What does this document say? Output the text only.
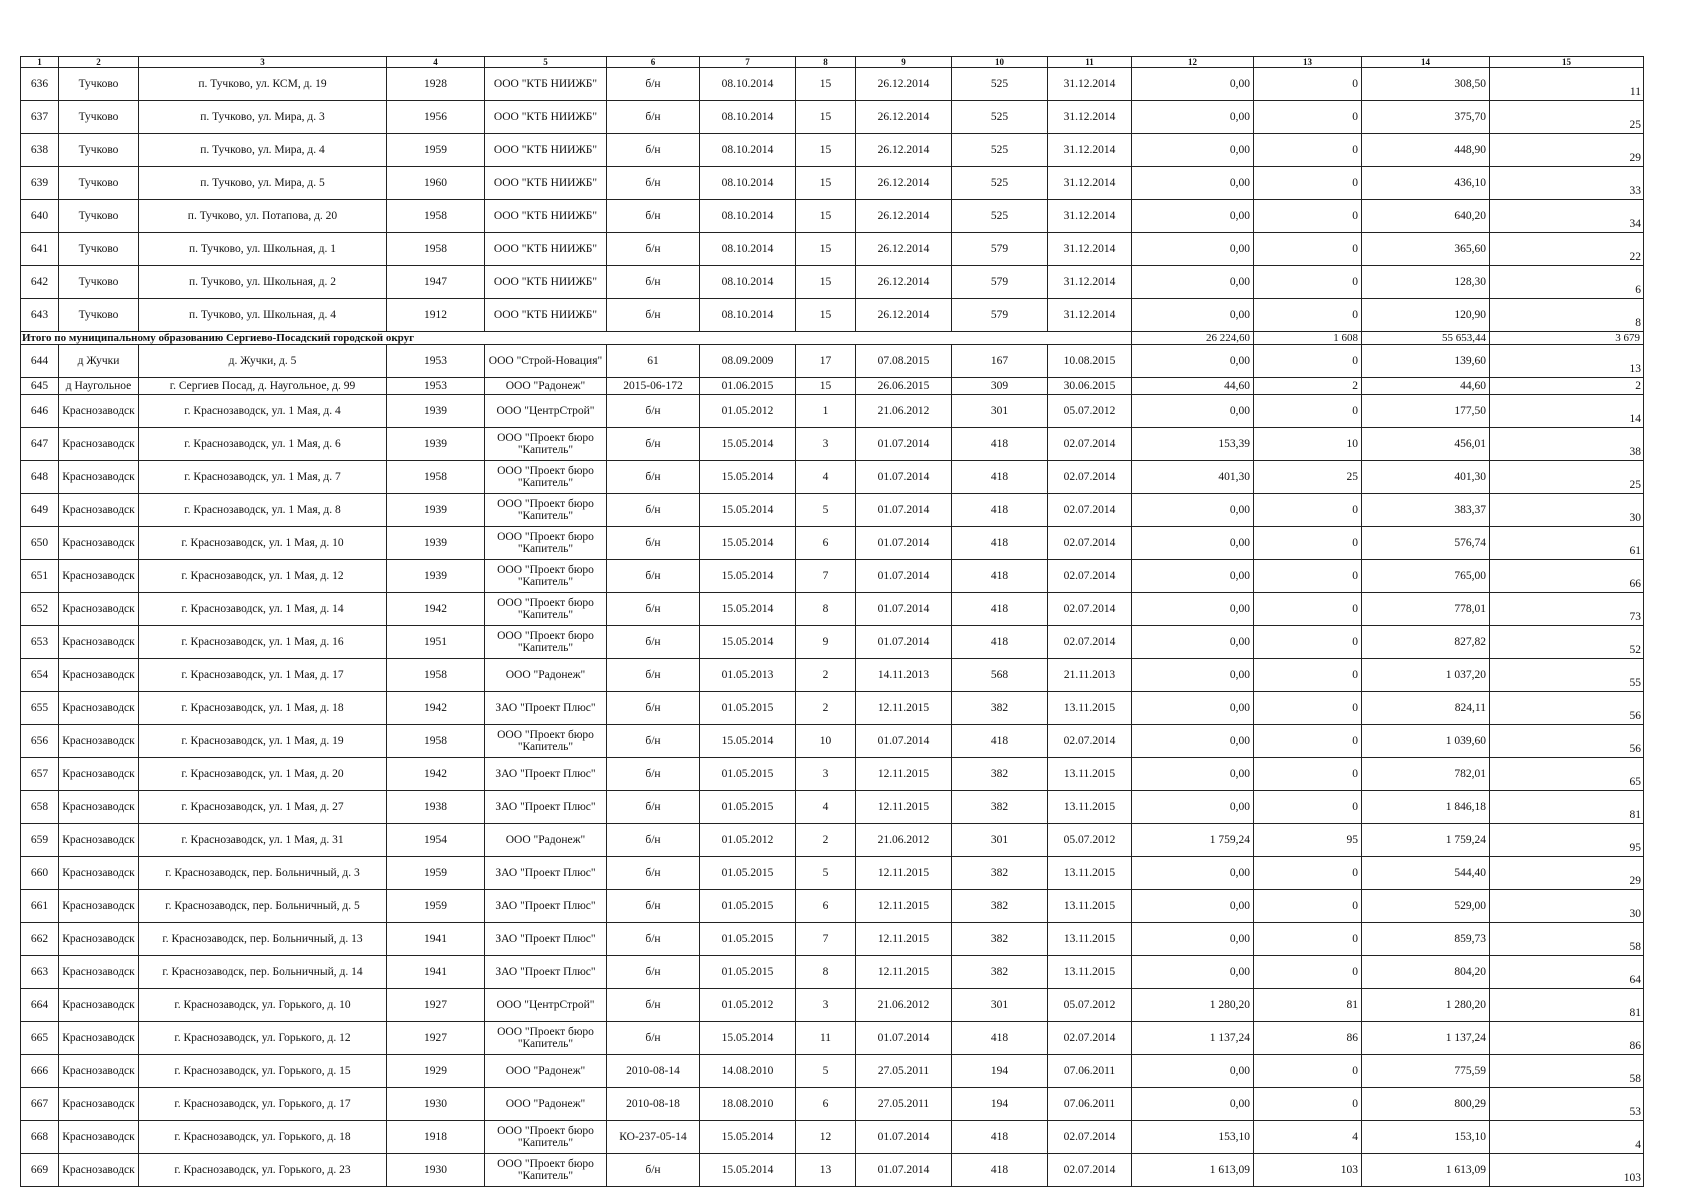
1	2	3	4	5	6	7	8	9	10	11	12	13	14	15
636	Тучково	п. Тучково, ул. КСМ, д. 19	1928	ООО "КТБ НИИЖБ"	б/н	08.10.2014	15	26.12.2014	525	31.12.2014	0,00	0	308,50	11
637	Тучково	п. Тучково, ул. Мира, д. 3	1956	ООО "КТБ НИИЖБ"	б/н	08.10.2014	15	26.12.2014	525	31.12.2014	0,00	0	375,70	25
638	Тучково	п. Тучково, ул. Мира, д. 4	1959	ООО "КТБ НИИЖБ"	б/н	08.10.2014	15	26.12.2014	525	31.12.2014	0,00	0	448,90	29
639	Тучково	п. Тучково, ул. Мира, д. 5	1960	ООО "КТБ НИИЖБ"	б/н	08.10.2014	15	26.12.2014	525	31.12.2014	0,00	0	436,10	33
640	Тучково	п. Тучково, ул. Потапова, д. 20	1958	ООО "КТБ НИИЖБ"	б/н	08.10.2014	15	26.12.2014	525	31.12.2014	0,00	0	640,20	34
641	Тучково	п. Тучково, ул. Школьная, д. 1	1958	ООО "КТБ НИИЖБ"	б/н	08.10.2014	15	26.12.2014	579	31.12.2014	0,00	0	365,60	22
642	Тучково	п. Тучково, ул. Школьная, д. 2	1947	ООО "КТБ НИИЖБ"	б/н	08.10.2014	15	26.12.2014	579	31.12.2014	0,00	0	128,30	6
643	Тучково	п. Тучково, ул. Школьная, д. 4	1912	ООО "КТБ НИИЖБ"	б/н	08.10.2014	15	26.12.2014	579	31.12.2014	0,00	0	120,90	8
Итого по муниципальному образованию Сергиево-Посадский городской округ											26 224,60	1 608	55 653,44	3 679
644	д Жучки	д. Жучки, д. 5	1953	ООО "Строй-Новация"	61	08.09.2009	17	07.08.2015	167	10.08.2015	0,00	0	139,60	13
645	д Наугольное	г. Сергиев Посад, д. Наугольное, д. 99	1953	ООО "Радонеж"	2015-06-172	01.06.2015	15	26.06.2015	309	30.06.2015	44,60	2	44,60	2
646	Краснозаводск	г. Краснозаводск, ул. 1 Мая, д. 4	1939	ООО "ЦентрСтрой"	б/н	01.05.2012	1	21.06.2012	301	05.07.2012	0,00	0	177,50	14
647	Краснозаводск	г. Краснозаводск, ул. 1 Мая, д. 6	1939	ООО "Проект бюро "Капитель"	б/н	15.05.2014	3	01.07.2014	418	02.07.2014	153,39	10	456,01	38
648	Краснозаводск	г. Краснозаводск, ул. 1 Мая, д. 7	1958	ООО "Проект бюро "Капитель"	б/н	15.05.2014	4	01.07.2014	418	02.07.2014	401,30	25	401,30	25
649	Краснозаводск	г. Краснозаводск, ул. 1 Мая, д. 8	1939	ООО "Проект бюро "Капитель"	б/н	15.05.2014	5	01.07.2014	418	02.07.2014	0,00	0	383,37	30
650	Краснозаводск	г. Краснозаводск, ул. 1 Мая, д. 10	1939	ООО "Проект бюро "Капитель"	б/н	15.05.2014	6	01.07.2014	418	02.07.2014	0,00	0	576,74	61
651	Краснозаводск	г. Краснозаводск, ул. 1 Мая, д. 12	1939	ООО "Проект бюро "Капитель"	б/н	15.05.2014	7	01.07.2014	418	02.07.2014	0,00	0	765,00	66
652	Краснозаводск	г. Краснозаводск, ул. 1 Мая, д. 14	1942	ООО "Проект бюро "Капитель"	б/н	15.05.2014	8	01.07.2014	418	02.07.2014	0,00	0	778,01	73
653	Краснозаводск	г. Краснозаводск, ул. 1 Мая, д. 16	1951	ООО "Проект бюро "Капитель"	б/н	15.05.2014	9	01.07.2014	418	02.07.2014	0,00	0	827,82	52
654	Краснозаводск	г. Краснозаводск, ул. 1 Мая, д. 17	1958	ООО "Радонеж"	б/н	01.05.2013	2	14.11.2013	568	21.11.2013	0,00	0	1 037,20	55
655	Краснозаводск	г. Краснозаводск, ул. 1 Мая, д. 18	1942	ЗАО "Проект Плюс"	б/н	01.05.2015	2	12.11.2015	382	13.11.2015	0,00	0	824,11	56
656	Краснозаводск	г. Краснозаводск, ул. 1 Мая, д. 19	1958	ООО "Проект бюро "Капитель"	б/н	15.05.2014	10	01.07.2014	418	02.07.2014	0,00	0	1 039,60	56
657	Краснозаводск	г. Краснозаводск, ул. 1 Мая, д. 20	1942	ЗАО "Проект Плюс"	б/н	01.05.2015	3	12.11.2015	382	13.11.2015	0,00	0	782,01	65
658	Краснозаводск	г. Краснозаводск, ул. 1 Мая, д. 27	1938	ЗАО "Проект Плюс"	б/н	01.05.2015	4	12.11.2015	382	13.11.2015	0,00	0	1 846,18	81
659	Краснозаводск	г. Краснозаводск, ул. 1 Мая, д. 31	1954	ООО "Радонеж"	б/н	01.05.2012	2	21.06.2012	301	05.07.2012	1 759,24	95	1 759,24	95
660	Краснозаводск	г. Краснозаводск, пер. Больничный, д. 3	1959	ЗАО "Проект Плюс"	б/н	01.05.2015	5	12.11.2015	382	13.11.2015	0,00	0	544,40	29
661	Краснозаводск	г. Краснозаводск, пер. Больничный, д. 5	1959	ЗАО "Проект Плюс"	б/н	01.05.2015	6	12.11.2015	382	13.11.2015	0,00	0	529,00	30
662	Краснозаводск	г. Краснозаводск, пер. Больничный, д. 13	1941	ЗАО "Проект Плюс"	б/н	01.05.2015	7	12.11.2015	382	13.11.2015	0,00	0	859,73	58
663	Краснозаводск	г. Краснозаводск, пер. Больничный, д. 14	1941	ЗАО "Проект Плюс"	б/н	01.05.2015	8	12.11.2015	382	13.11.2015	0,00	0	804,20	64
664	Краснозаводск	г. Краснозаводск, ул. Горького, д. 10	1927	ООО "ЦентрСтрой"	б/н	01.05.2012	3	21.06.2012	301	05.07.2012	1 280,20	81	1 280,20	81
665	Краснозаводск	г. Краснозаводск, ул. Горького, д. 12	1927	ООО "Проект бюро "Капитель"	б/н	15.05.2014	11	01.07.2014	418	02.07.2014	1 137,24	86	1 137,24	86
666	Краснозаводск	г. Краснозаводск, ул. Горького, д. 15	1929	ООО "Радонеж"	2010-08-14	14.08.2010	5	27.05.2011	194	07.06.2011	0,00	0	775,59	58
667	Краснозаводск	г. Краснозаводск, ул. Горького, д. 17	1930	ООО "Радонеж"	2010-08-18	18.08.2010	6	27.05.2011	194	07.06.2011	0,00	0	800,29	53
668	Краснозаводск	г. Краснозаводск, ул. Горького, д. 18	1918	ООО "Проект бюро "Капитель"	КО-237-05-14	15.05.2014	12	01.07.2014	418	02.07.2014	153,10	4	153,10	4
669	Краснозаводск	г. Краснозаводск, ул. Горького, д. 23	1930	ООО "Проект бюро "Капитель"	б/н	15.05.2014	13	01.07.2014	418	02.07.2014	1 613,09	103	1 613,09	103
